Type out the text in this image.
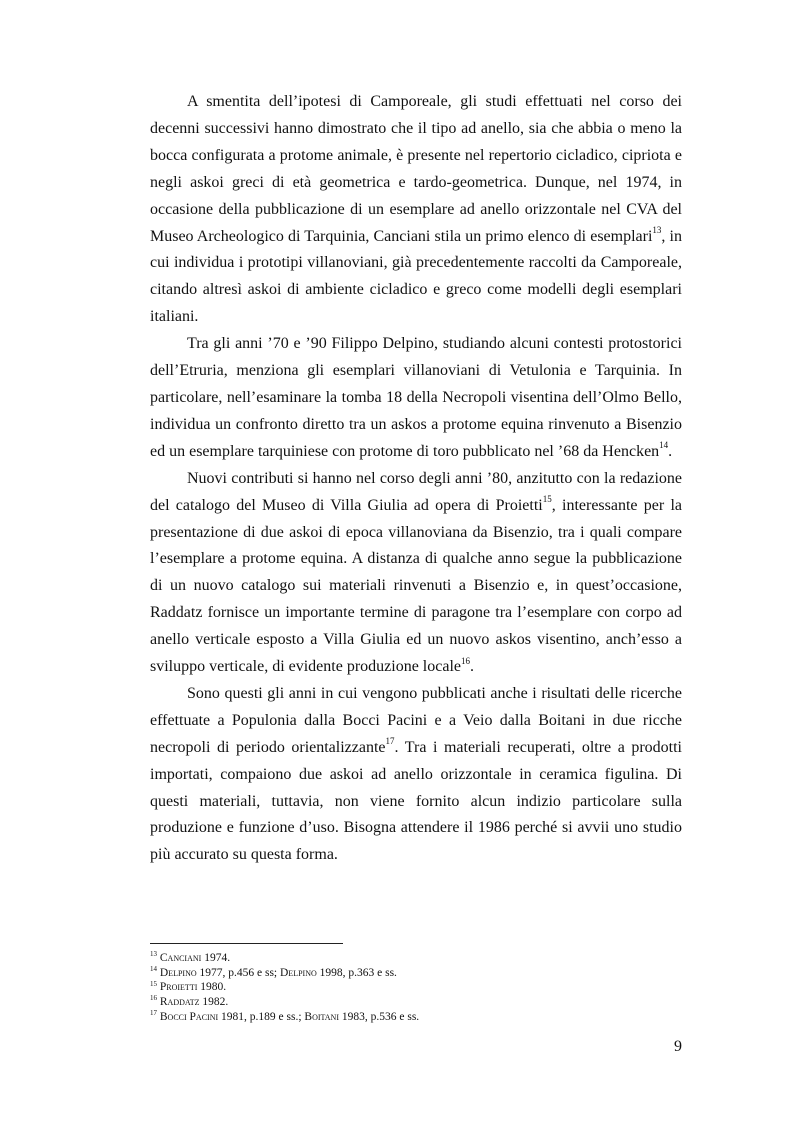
A smentita dell’ipotesi di Camporeale, gli studi effettuati nel corso dei decenni successivi hanno dimostrato che il tipo ad anello, sia che abbia o meno la bocca configurata a protome animale, è presente nel repertorio cicladico, cipriota e negli askoi greci di età geometrica e tardo-geometrica. Dunque, nel 1974, in occasione della pubblicazione di un esemplare ad anello orizzontale nel CVA del Museo Archeologico di Tarquinia, Canciani stila un primo elenco di esemplari$^{13}$, in cui individua i prototipi villanoviani, già precedentemente raccolti da Camporeale, citando altresì askoi di ambiente cicladico e greco come modelli degli esemplari italiani.

Tra gli anni ’70 e ’90 Filippo Delpino, studiando alcuni contesti protostorici dell’Etruria, menziona gli esemplari villanoviani di Vetulonia e Tarquinia. In particolare, nell’esaminare la tomba 18 della Necropoli visentina dell’Olmo Bello, individua un confronto diretto tra un askos a protome equina rinvenuto a Bisenzio ed un esemplare tarquiniese con protome di toro pubblicato nel ’68 da Hencken$^{14}$.

Nuovi contributi si hanno nel corso degli anni ’80, anzitutto con la redazione del catalogo del Museo di Villa Giulia ad opera di Proietti$^{15}$, interessante per la presentazione di due askoi di epoca villanoviana da Bisenzio, tra i quali compare l’esemplare a protome equina. A distanza di qualche anno segue la pubblicazione di un nuovo catalogo sui materiali rinvenuti a Bisenzio e, in quest’occasione, Raddatz fornisce un importante termine di paragone tra l’esemplare con corpo ad anello verticale esposto a Villa Giulia ed un nuovo askos visentino, anch’esso a sviluppo verticale, di evidente produzione locale$^{16}$.

Sono questi gli anni in cui vengono pubblicati anche i risultati delle ricerche effettuate a Populonia dalla Bocci Pacini e a Veio dalla Boitani in due ricche necropoli di periodo orientalizzante$^{17}$. Tra i materiali recuperati, oltre a prodotti importati, compaiono due askoi ad anello orizzontale in ceramica figulina. Di questi materiali, tuttavia, non viene fornito alcun indizio particolare sulla produzione e funzione d’uso. Bisogna attendere il 1986 perché si avvii uno studio più accurato su questa forma.

$^{13}$ Canciani 1974.
$^{14}$ Delpino 1977, p.456 e ss; Delpino 1998, p.363 e ss.
$^{15}$ Proietti 1980.
$^{16}$ Raddatz 1982.
$^{17}$ Bocci Pacini 1981, p.189 e ss.; Boitani 1983, p.536 e ss.
9
